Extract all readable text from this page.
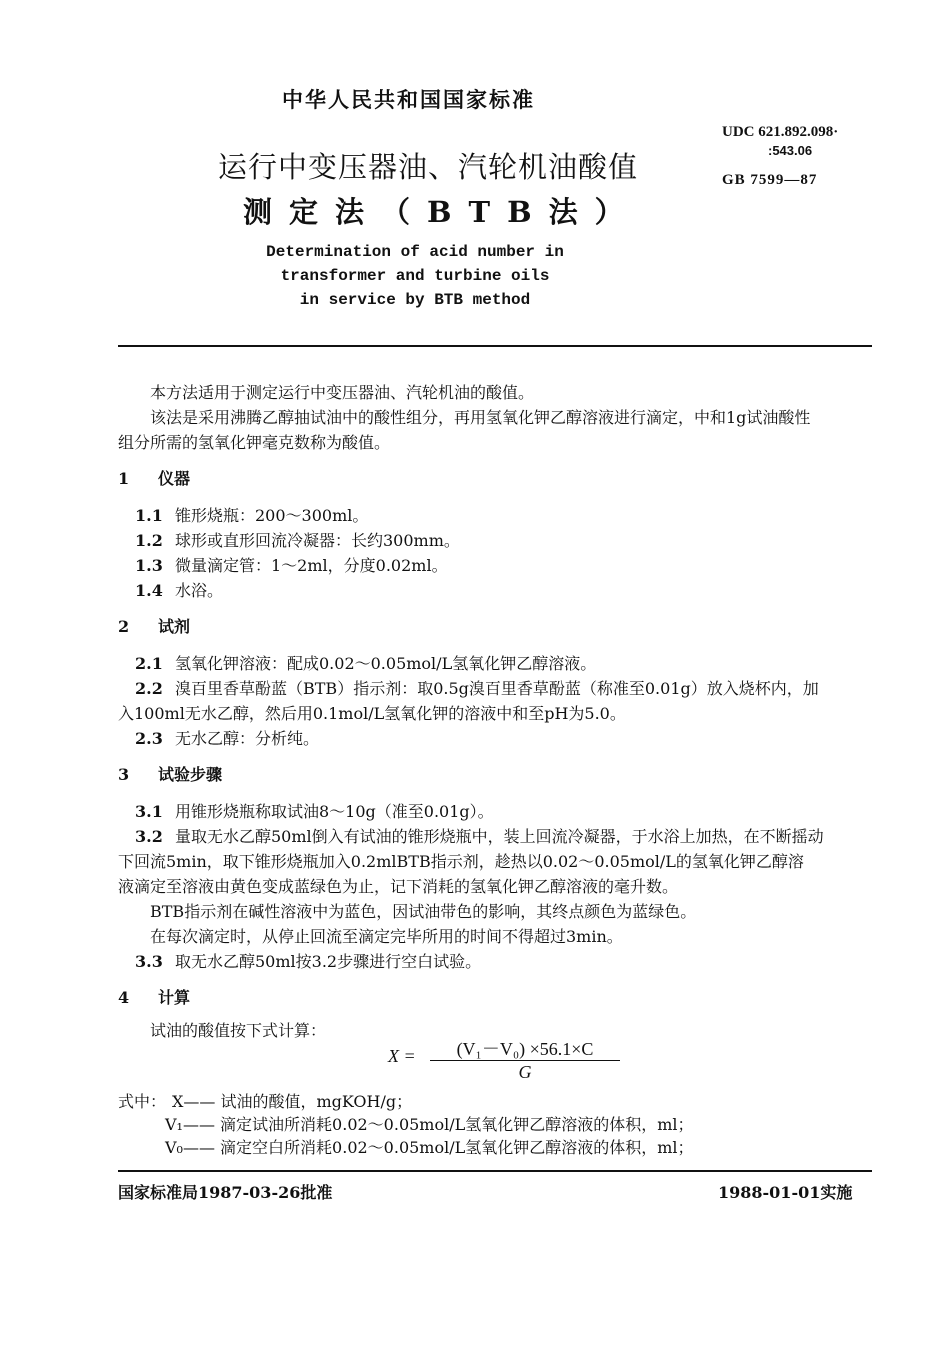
中华人民共和国国家标准
UDC 621.892.098·
:543.06
GB 7599—87
运行中变压器油、汽轮机油酸值
测定法（BTB法）
Determination of acid number in
transformer and turbine oils
in service by BTB method
本方法适用于测定运行中变压器油、汽轮机油的酸值。
该法是采用沸腾乙醇抽试油中的酸性组分，再用氢氧化钾乙醇溶液进行滴定，中和1g试油酸性
组分所需的氢氧化钾毫克数称为酸值。
1 仪器
1.1 锥形烧瓶：200～300ml。
1.2 球形或直形回流冷凝器：长约300mm。
1.3 微量滴定管：1～2ml，分度0.02ml。
1.4 水浴。
2 试剂
2.1 氢氧化钾溶液：配成0.02～0.05mol/L氢氧化钾乙醇溶液。
2.2 溴百里香草酚蓝（BTB）指示剂：取0.5g溴百里香草酚蓝（称准至0.01g）放入烧杯内，加
入100ml无水乙醇，然后用0.1mol/L氢氧化钾的溶液中和至pH为5.0。
2.3 无水乙醇：分析纯。
3 试验步骤
3.1 用锥形烧瓶称取试油8～10g（准至0.01g）。
3.2 量取无水乙醇50ml倒入有试油的锥形烧瓶中，装上回流冷凝器，于水浴上加热，在不断摇动
下回流5min，取下锥形烧瓶加入0.2mlBTB指示剂，趁热以0.02～0.05mol/L的氢氧化钾乙醇溶
液滴定至溶液由黄色变成蓝绿色为止，记下消耗的氢氧化钾乙醇溶液的毫升数。
BTB指示剂在碱性溶液中为蓝色，因试油带色的影响，其终点颜色为蓝绿色。
在每次滴定时，从停止回流至滴定完毕所用的时间不得超过3min。
3.3 取无水乙醇50ml按3.2步骤进行空白试验。
4 计算
试油的酸值按下式计算：
X =	(V₁－V₀) ×56.1×C
G
式中： X—— 试油的酸值，mgKOH/g；
V₁—— 滴定试油所消耗0.02～0.05mol/L氢氧化钾乙醇溶液的体积，ml；
V₀—— 滴定空白所消耗0.02～0.05mol/L氢氧化钾乙醇溶液的体积，ml；
国家标准局1987-03-26批准	1988-01-01实施
